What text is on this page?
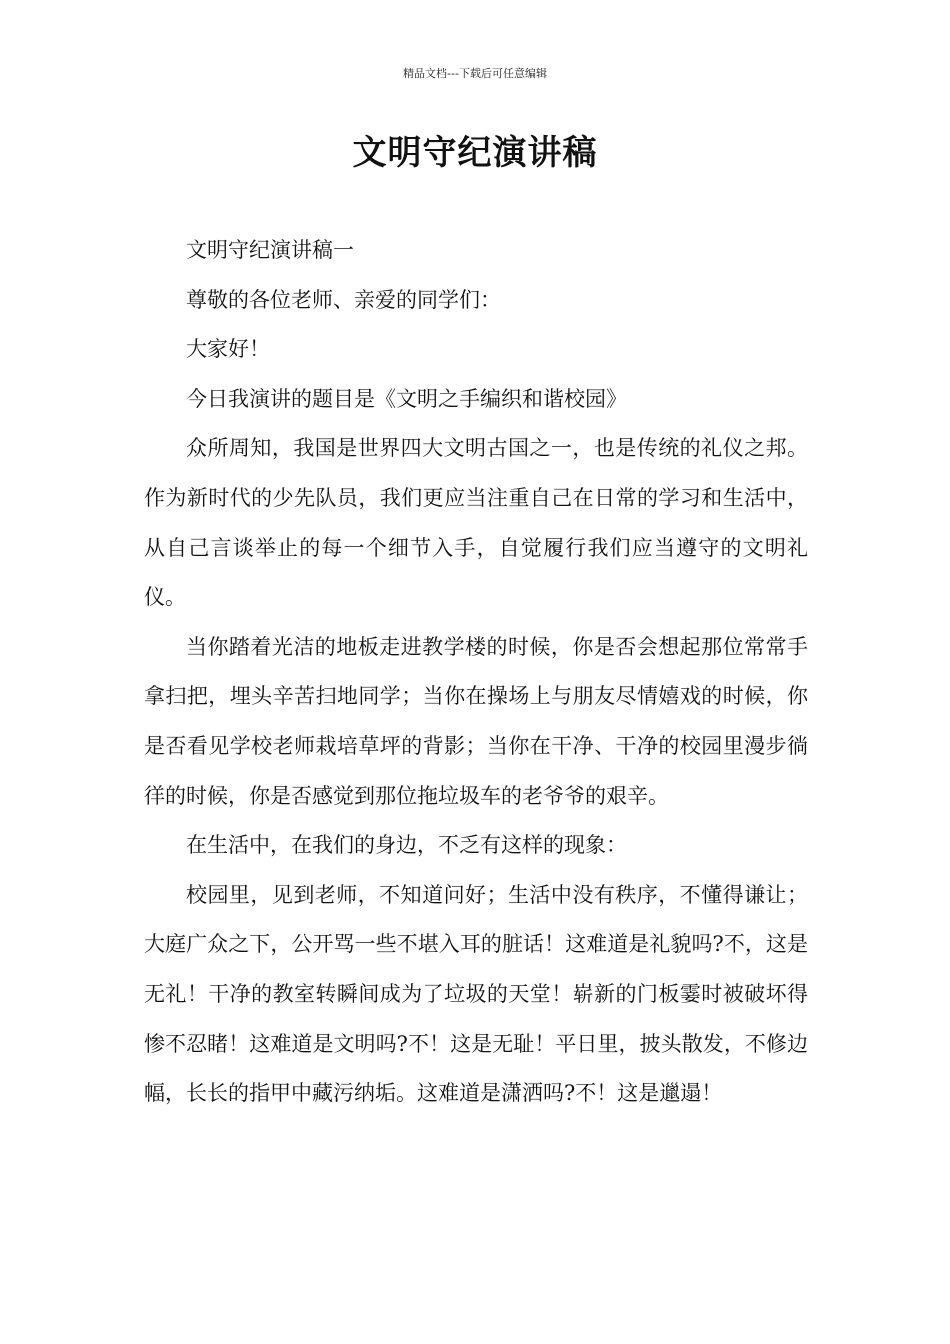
精品文档---下载后可任意编辑
文明守纪演讲稿

文明守纪演讲稿一

尊敬的各位老师、亲爱的同学们：

大家好！

今日我演讲的题目是《文明之手编织和谐校园》

众所周知，我国是世界四大文明古国之一，也是传统的礼仪之邦。作为新时代的少先队员，我们更应当注重自己在日常的学习和生活中，从自己言谈举止的每一个细节入手，自觉履行我们应当遵守的文明礼仪。

当你踏着光洁的地板走进教学楼的时候，你是否会想起那位常常手拿扫把，埋头辛苦扫地同学；当你在操场上与朋友尽情嬉戏的时候，你是否看见学校老师栽培草坪的背影；当你在干净、干净的校园里漫步徜徉的时候，你是否感觉到那位拖垃圾车的老爷爷的艰辛。

在生活中，在我们的身边，不乏有这样的现象：

校园里，见到老师，不知道问好；生活中没有秩序，不懂得谦让；大庭广众之下，公开骂一些不堪入耳的脏话！这难道是礼貌吗?不，这是无礼！干净的教室转瞬间成为了垃圾的天堂！崭新的门板霎时被破坏得惨不忍睹！这难道是文明吗?不！这是无耻！平日里，披头散发，不修边幅，长长的指甲中藏污纳垢。这难道是潇洒吗?不！这是邋遢！
